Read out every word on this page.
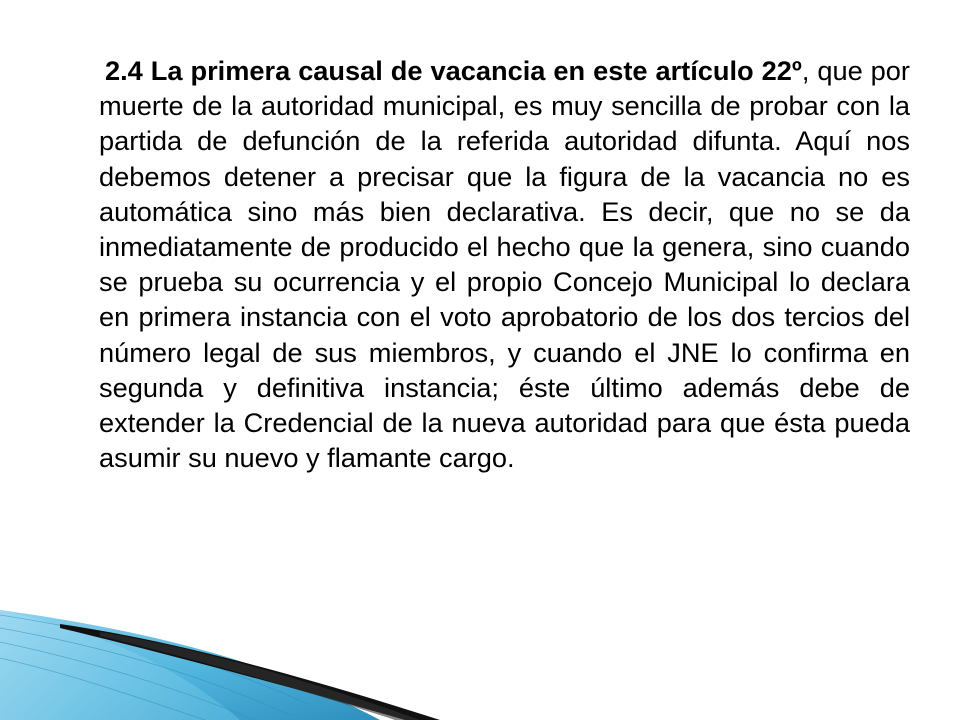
2.4 La primera causal de vacancia en este artículo 22º, que por muerte de la autoridad municipal, es muy sencilla de probar con la partida de defunción de la referida autoridad difunta. Aquí nos debemos detener a precisar que la figura de la vacancia no es automática sino más bien declarativa. Es decir, que no se da inmediatamente de producido el hecho que la genera, sino cuando se prueba su ocurrencia y el propio Concejo Municipal lo declara en primera instancia con el voto aprobatorio de los dos tercios del número legal de sus miembros, y cuando el JNE lo confirma en segunda y definitiva instancia; éste último además debe de extender la Credencial de la nueva autoridad para que ésta pueda asumir su nuevo y flamante cargo.
